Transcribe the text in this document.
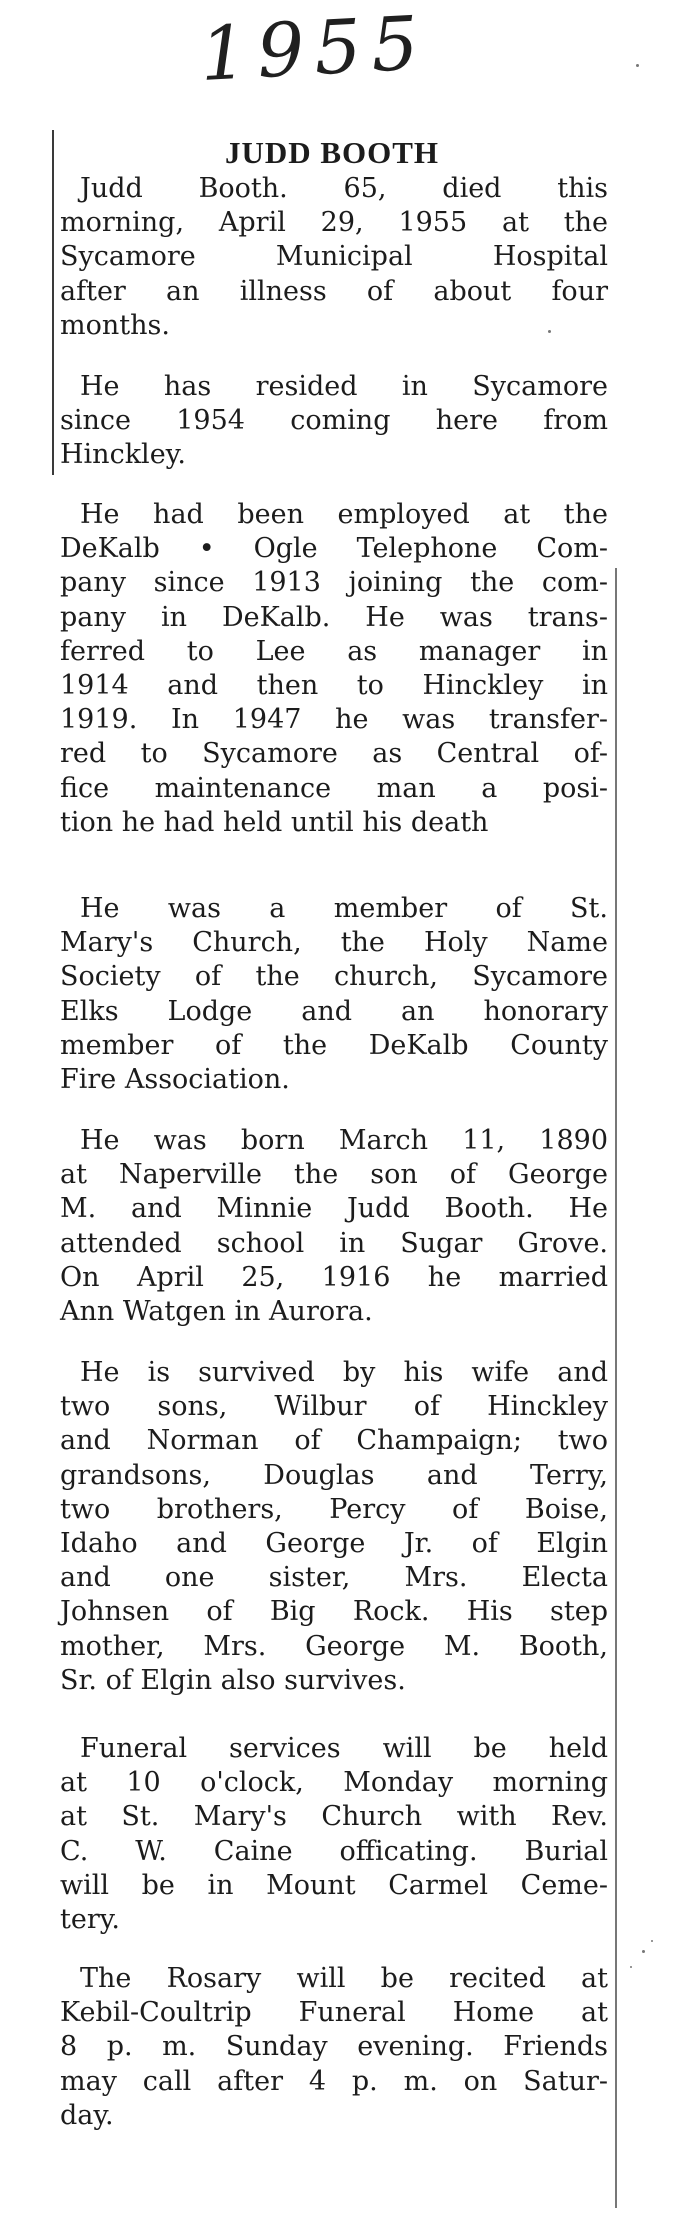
1955
JUDD BOOTH
Judd Booth. 65, died this
morning, April 29, 1955 at the
Sycamore Municipal Hospital
after an illness of about four
months.
He has resided in Sycamore
since 1954 coming here from
Hinckley.
He had been employed at the
DeKalb • Ogle Telephone Com-
pany since 1913 joining the com-
pany in DeKalb. He was trans-
ferred to Lee as manager in
1914 and then to Hinckley in
1919. In 1947 he was transfer-
red to Sycamore as Central of-
fice maintenance man a posi-
tion he had held until his death
He was a member of St.
Mary's Church, the Holy Name
Society of the church, Sycamore
Elks Lodge and an honorary
member of the DeKalb County
Fire Association.
He was born March 11, 1890
at Naperville the son of George
M. and Minnie Judd Booth. He
attended school in Sugar Grove.
On April 25, 1916 he married
Ann Watgen in Aurora.
He is survived by his wife and
two sons, Wilbur of Hinckley
and Norman of Champaign; two
grandsons, Douglas and Terry,
two brothers, Percy of Boise,
Idaho and George Jr. of Elgin
and one sister, Mrs. Electa
Johnsen of Big Rock. His step
mother, Mrs. George M. Booth,
Sr. of Elgin also survives.
Funeral services will be held
at 10 o'clock, Monday morning
at St. Mary's Church with Rev.
C. W. Caine officating. Burial
will be in Mount Carmel Ceme-
tery.
The Rosary will be recited at
Kebil-Coultrip Funeral Home at
8 p. m. Sunday evening. Friends
may call after 4 p. m. on Satur-
day.
